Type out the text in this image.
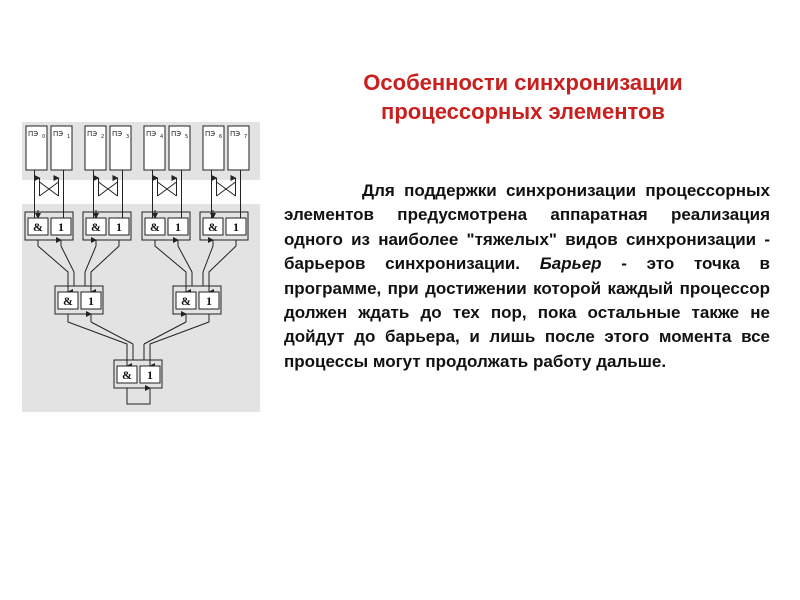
Особенности синхронизации
процессорных элементов
ПЭ 0 ПЭ 1 ПЭ 2 ПЭ 3 ПЭ 4 ПЭ 5 ПЭ 6 ПЭ 7
& 1 & 1 & 1 & 1
& 1	& 1
& 1

Для поддержки синхронизации процессорных элементов предусмотрена аппаратная реализация одного из наиболее "тяжелых" видов синхронизации - барьеров синхронизации. Барьер - это точка в программе, при достижении которой каждый процессор должен ждать до тех пор, пока остальные также не дойдут до барьера, и лишь после этого момента все процессы могут продолжать работу дальше.
